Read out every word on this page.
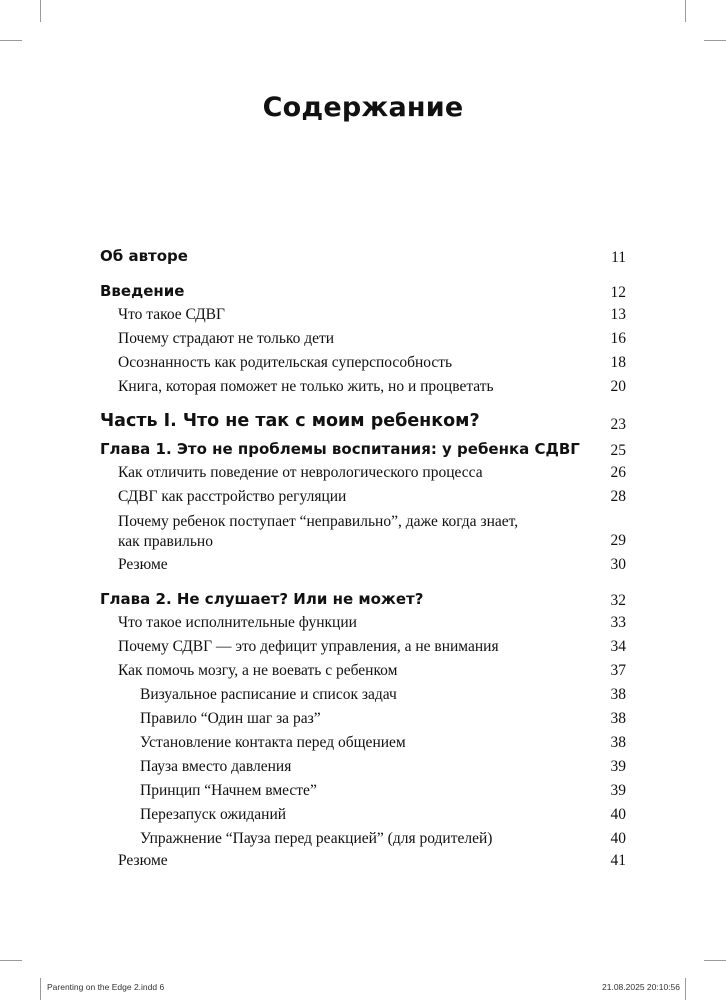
Содержание
Об авторе	11
Введение	12
Что такое СДВГ	13
Почему страдают не только дети	16
Осознанность как родительская суперспособность	18
Книга, которая поможет не только жить, но и процветать	20
Часть I. Что не так с моим ребенком?	23
Глава 1. Это не проблемы воспитания: у ребенка СДВГ 25
Как отличить поведение от неврологического процесса	26
СДВГ как расстройство регуляции	28
Почему ребенок поступает “неправильно”, даже когда знает, как правильно	29
Резюме	30
Глава 2. Не слушает? Или не может?	32
Что такое исполнительные функции	33
Почему СДВГ — это дефицит управления, а не внимания	34
Как помочь мозгу, а не воевать с ребенком	37
Визуальное расписание и список задач	38
Правило “Один шаг за раз”	38
Установление контакта перед общением	38
Пауза вместо давления	39
Принцип “Начнем вместе”	39
Перезапуск ожиданий	40
Упражнение “Пауза перед реакцией” (для родителей)	40
Резюме	41
Parenting on the Edge 2.indd 6	21.08.2025 20:10:56
